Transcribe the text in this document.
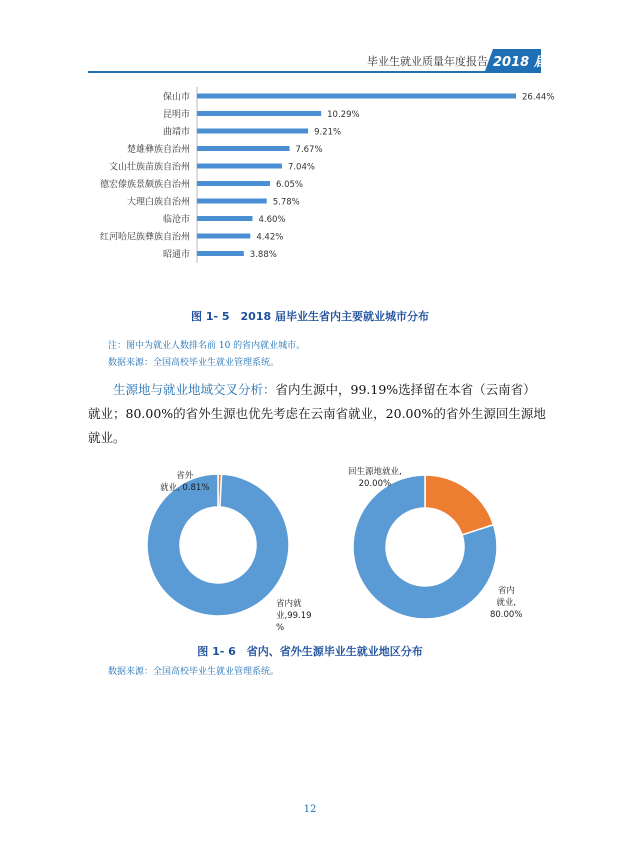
毕业生就业质量年度报告 2018 届
保山市	26.44%
昆明市	10.29%
曲靖市	9.21%
楚雄彝族自治州	7.67%
文山壮族苗族自治州	7.04%
德宏傣族景颇族自治州	6.05%
大理白族自治州	5.78%
临沧市	4.60%
红河哈尼族彝族自治州	4.42%
昭通市	3.88%
图 1- 5　2018 届毕业生省内主要就业城市分布
注：图中为就业人数排名前 10 的省内就业城市。
数据来源：全国高校毕业生就业管理系统。
生源地与就业地域交叉分析：省内生源中，99.19%选择留在本省（云南省）就业；80.00%的省外生源也优先考虑在云南省就业，20.00%的省外生源回生源地就业。
省内
生源
省外
生源
省外
就业, 0.81%
省内就
业,99.19
%
回生源地就业,
20.00%
省内
就业,
80.00%
图 1- 6　省内、省外生源毕业生就业地区分布
数据来源：全国高校毕业生就业管理系统。
12
